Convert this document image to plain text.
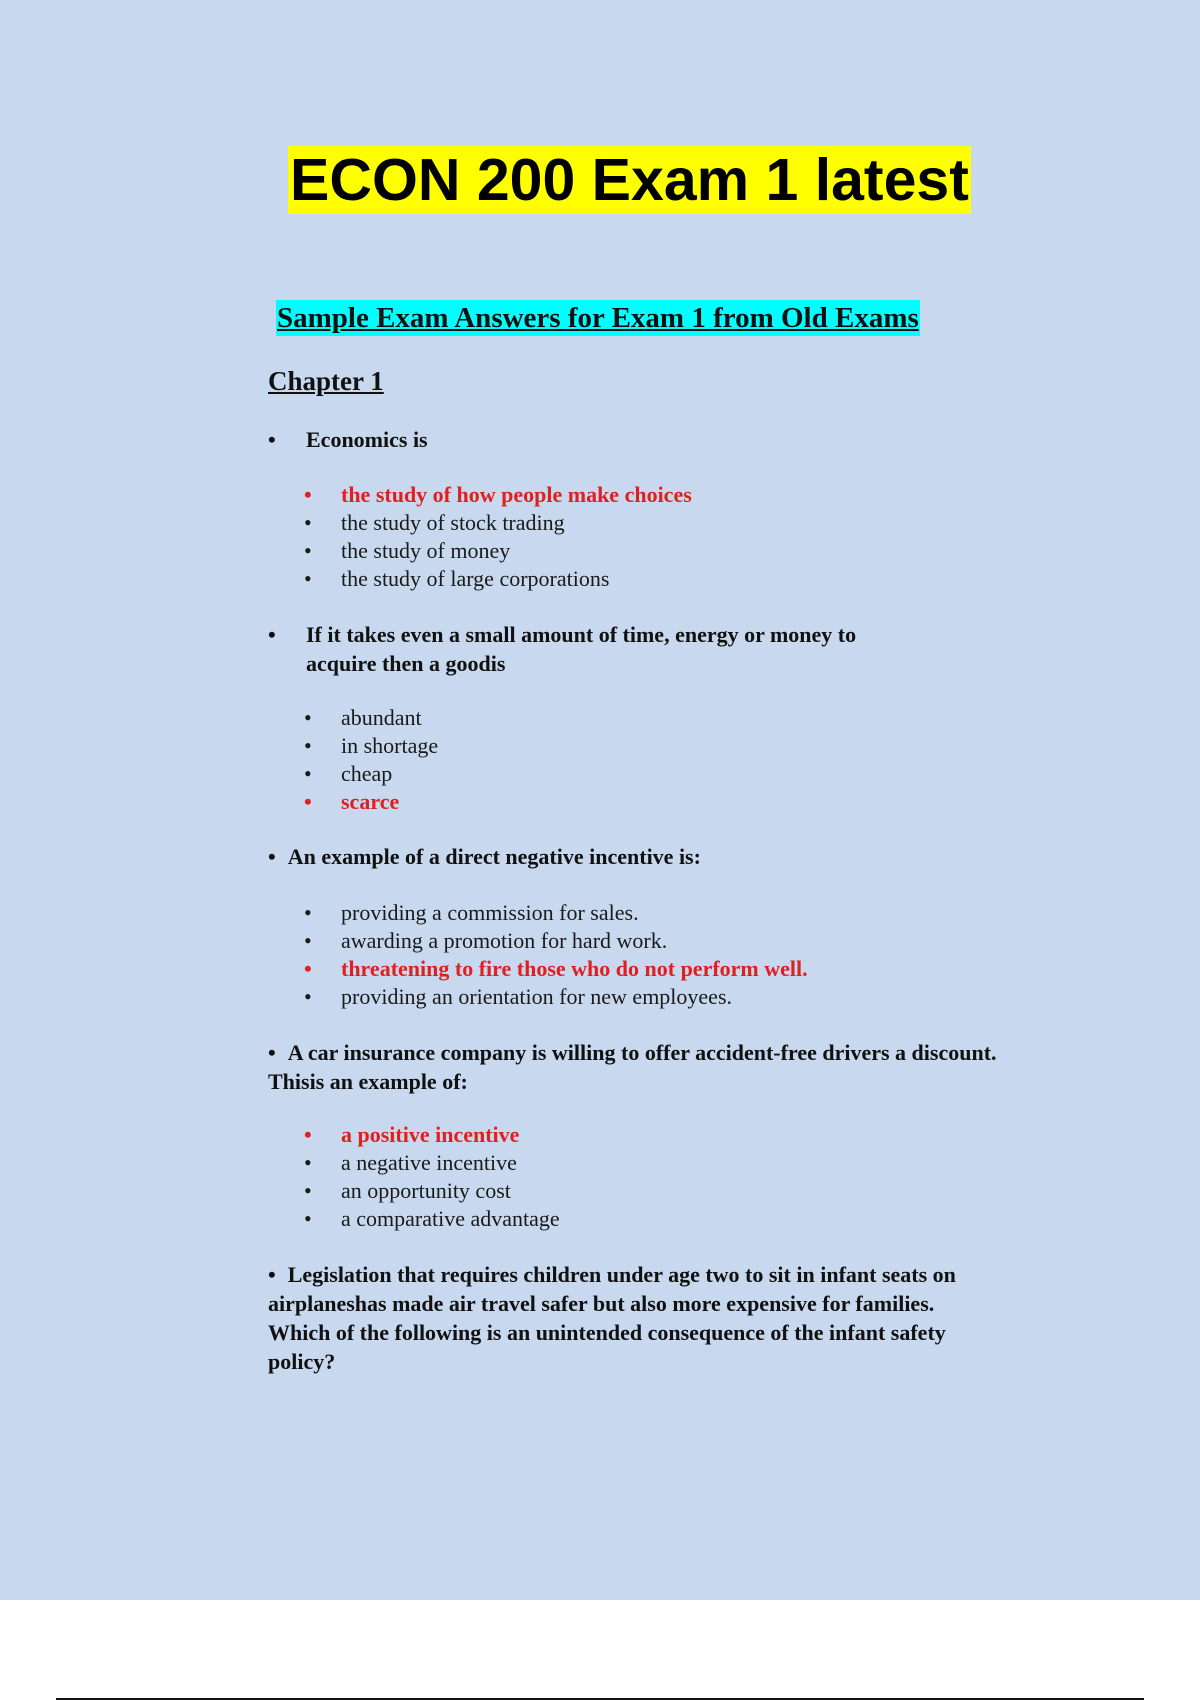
ECON 200 Exam 1 latest
Sample Exam Answers for Exam 1 from Old Exams
Chapter 1
•	Economics is
• the study of how people make choices
• the study of stock trading
• the study of money
• the study of large corporations
•	If it takes even a small amount of time, energy or money to acquire then a goodis
• abundant
• in shortage
• cheap
• scarce
• An example of a direct negative incentive is:
• providing a commission for sales.
• awarding a promotion for hard work.
• threatening to fire those who do not perform well.
• providing an orientation for new employees.
• A car insurance company is willing to offer accident-free drivers a discount. Thisis an example of:
• a positive incentive
• a negative incentive
• an opportunity cost
• a comparative advantage
• Legislation that requires children under age two to sit in infant seats on airplaneshas made air travel safer but also more expensive for families. Which of the following is an unintended consequence of the infant safety policy?
